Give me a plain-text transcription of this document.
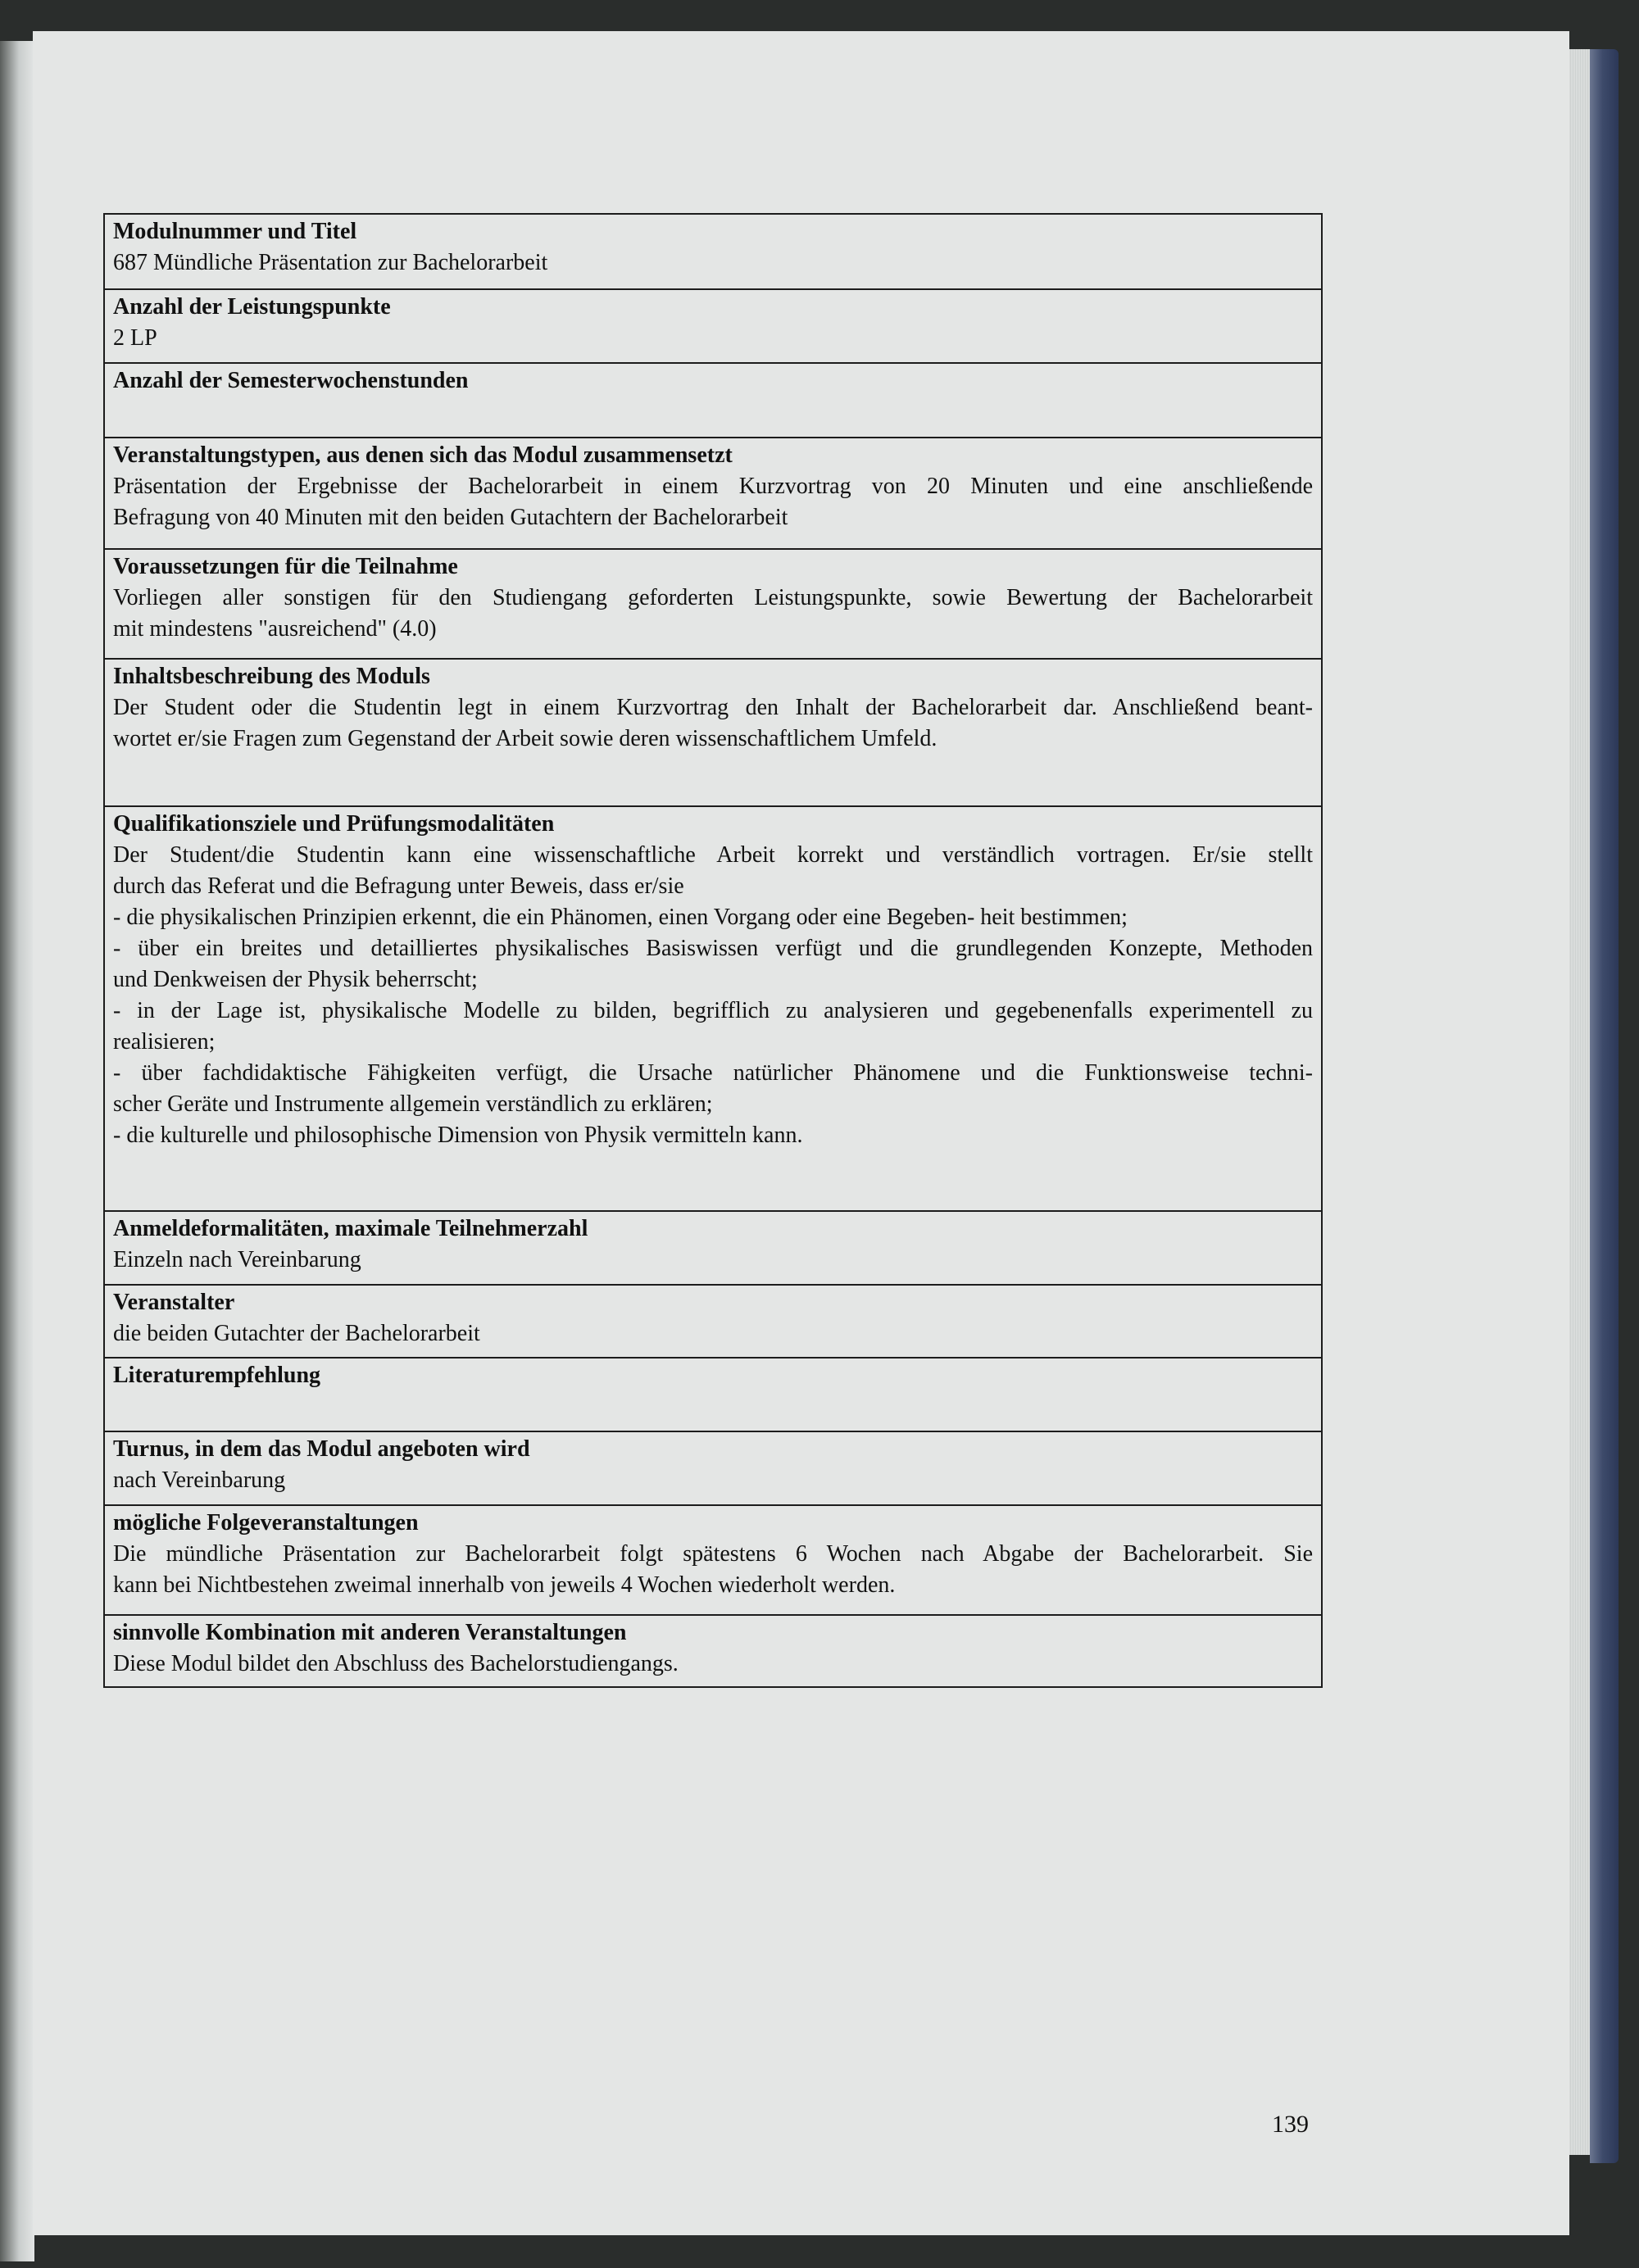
Modulnummer und Titel

687 Mündliche Präsentation zur Bachelorarbeit

Anzahl der Leistungspunkte

2 LP

Anzahl der Semesterwochenstunden
Veranstaltungstypen, aus denen sich das Modul zusammensetzt

Präsentation der Ergebnisse der Bachelorarbeit in einem Kurzvortrag von 20 Minuten und eine anschließende

Befragung von 40 Minuten mit den beiden Gutachtern der Bachelorarbeit

Voraussetzungen für die Teilnahme

Vorliegen aller sonstigen für den Studiengang geforderten Leistungspunkte, sowie Bewertung der Bachelorarbeit

mit mindestens "ausreichend" (4.0)

Inhaltsbeschreibung des Moduls

Der Student oder die Studentin legt in einem Kurzvortrag den Inhalt der Bachelorarbeit dar. Anschließend beant-

wortet er/sie Fragen zum Gegenstand der Arbeit sowie deren wissenschaftlichem Umfeld.

Qualifikationsziele und Prüfungsmodalitäten

Der Student/die Studentin kann eine wissenschaftliche Arbeit korrekt und verständlich vortragen. Er/sie stellt

durch das Referat und die Befragung unter Beweis, dass er/sie

- die physikalischen Prinzipien erkennt, die ein Phänomen, einen Vorgang oder eine Begeben- heit bestimmen;

- über ein breites und detailliertes physikalisches Basiswissen verfügt und die grundlegenden Konzepte, Methoden

und Denkweisen der Physik beherrscht;

- in der Lage ist, physikalische Modelle zu bilden, begrifflich zu analysieren und gegebenenfalls experimentell zu

realisieren;

- über fachdidaktische Fähigkeiten verfügt, die Ursache natürlicher Phänomene und die Funktionsweise techni-

scher Geräte und Instrumente allgemein verständlich zu erklären;

- die kulturelle und philosophische Dimension von Physik vermitteln kann.

Anmeldeformalitäten, maximale Teilnehmerzahl

Einzeln nach Vereinbarung

Veranstalter

die beiden Gutachter der Bachelorarbeit

Literaturempfehlung
Turnus, in dem das Modul angeboten wird

nach Vereinbarung

mögliche Folgeveranstaltungen

Die mündliche Präsentation zur Bachelorarbeit folgt spätestens 6 Wochen nach Abgabe der Bachelorarbeit. Sie

kann bei Nichtbestehen zweimal innerhalb von jeweils 4 Wochen wiederholt werden.

sinnvolle Kombination mit anderen Veranstaltungen

Diese Modul bildet den Abschluss des Bachelorstudiengangs.

139
